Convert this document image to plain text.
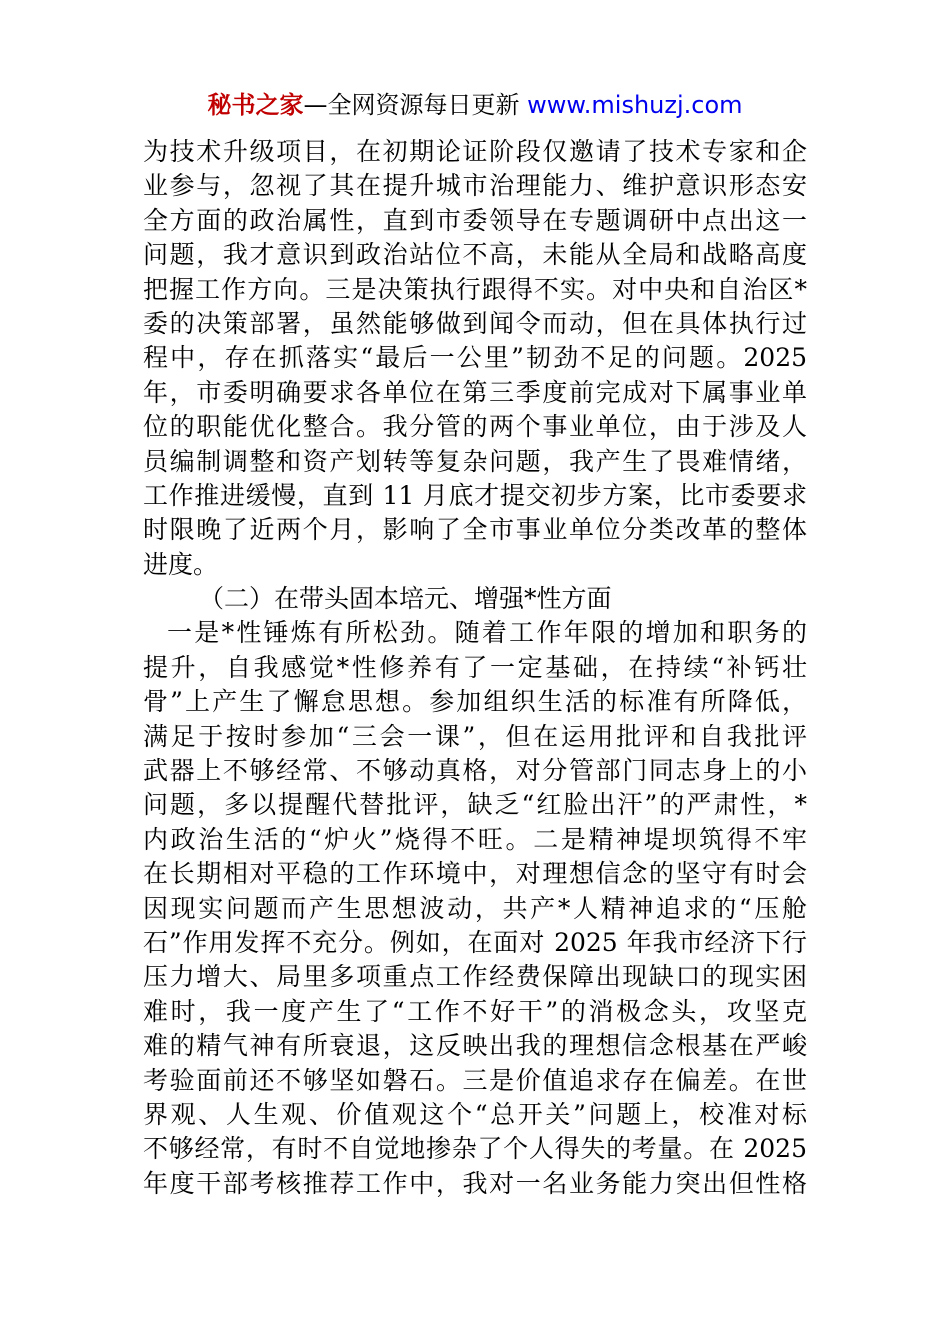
秘书之家—全网资源每日更新 www.mishuzj.com
为技术升级项目，在初期论证阶段仅邀请了技术专家和企
业参与，忽视了其在提升城市治理能力、维护意识形态安
全方面的政治属性，直到市委领导在专题调研中点出这一
问题，我才意识到政治站位不高，未能从全局和战略高度
把握工作方向。三是决策执行跟得不实。对中央和自治区*
委的决策部署，虽然能够做到闻令而动，但在具体执行过
程中，存在抓落实“最后一公里”韧劲不足的问题。2025
年，市委明确要求各单位在第三季度前完成对下属事业单
位的职能优化整合。我分管的两个事业单位，由于涉及人
员编制调整和资产划转等复杂问题，我产生了畏难情绪，
工作推进缓慢，直到 11 月底才提交初步方案，比市委要求
时限晚了近两个月，影响了全市事业单位分类改革的整体
进度。
（二）在带头固本培元、增强*性方面
一是*性锤炼有所松劲。随着工作年限的增加和职务的
提升，自我感觉*性修养有了一定基础，在持续“补钙壮
骨”上产生了懈怠思想。参加组织生活的标准有所降低，
满足于按时参加“三会一课”，但在运用批评和自我批评
武器上不够经常、不够动真格，对分管部门同志身上的小
问题，多以提醒代替批评，缺乏“红脸出汗”的严肃性，*
内政治生活的“炉火”烧得不旺。二是精神堤坝筑得不牢
在长期相对平稳的工作环境中，对理想信念的坚守有时会
因现实问题而产生思想波动，共产*人精神追求的“压舱
石”作用发挥不充分。例如，在面对 2025 年我市经济下行
压力增大、局里多项重点工作经费保障出现缺口的现实困
难时，我一度产生了“工作不好干”的消极念头，攻坚克
难的精气神有所衰退，这反映出我的理想信念根基在严峻
考验面前还不够坚如磐石。三是价值追求存在偏差。在世
界观、人生观、价值观这个“总开关”问题上，校准对标
不够经常，有时不自觉地掺杂了个人得失的考量。在 2025
年度干部考核推荐工作中，我对一名业务能力突出但性格
